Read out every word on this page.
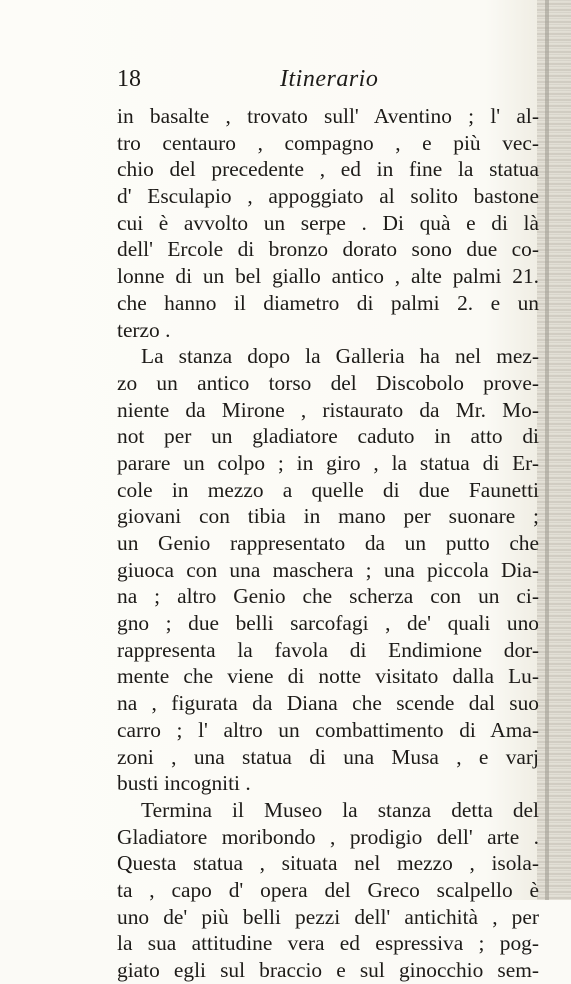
18	Itinerario
in basalte , trovato sull' Aventino ; l' al-
tro centauro , compagno , e più vec-
chio del precedente , ed in fine la statua
d' Esculapio , appoggiato al solito bastone
cui è avvolto un serpe . Di quà e di là
dell' Ercole di bronzo dorato sono due co-
lonne di un bel giallo antico , alte palmi 21.
che hanno il diametro di palmi 2. e un
terzo .
La stanza dopo la Galleria ha nel mez-
zo un antico torso del Discobolo prove-
niente da Mirone , ristaurato da Mr. Mo-
not per un gladiatore caduto in atto di
parare un colpo ; in giro , la statua di Er-
cole in mezzo a quelle di due Faunetti
giovani con tibia in mano per suonare ;
un Genio rappresentato da un putto che
giuoca con una maschera ; una piccola Dia-
na ; altro Genio che scherza con un ci-
gno ; due belli sarcofagi , de' quali uno
rappresenta la favola di Endimione dor-
mente che viene di notte visitato dalla Lu-
na , figurata da Diana che scende dal suo
carro ; l' altro un combattimento di Ama-
zoni , una statua di una Musa , e varj
busti incogniti .
Termina il Museo la stanza detta del
Gladiatore moribondo , prodigio dell' arte .
Questa statua , situata nel mezzo , isola-
ta , capo d' opera del Greco scalpello è
uno de' più belli pezzi dell' antichità , per
la sua attitudine vera ed espressiva ; pog-
giato egli sul braccio e sul ginocchio sem-
